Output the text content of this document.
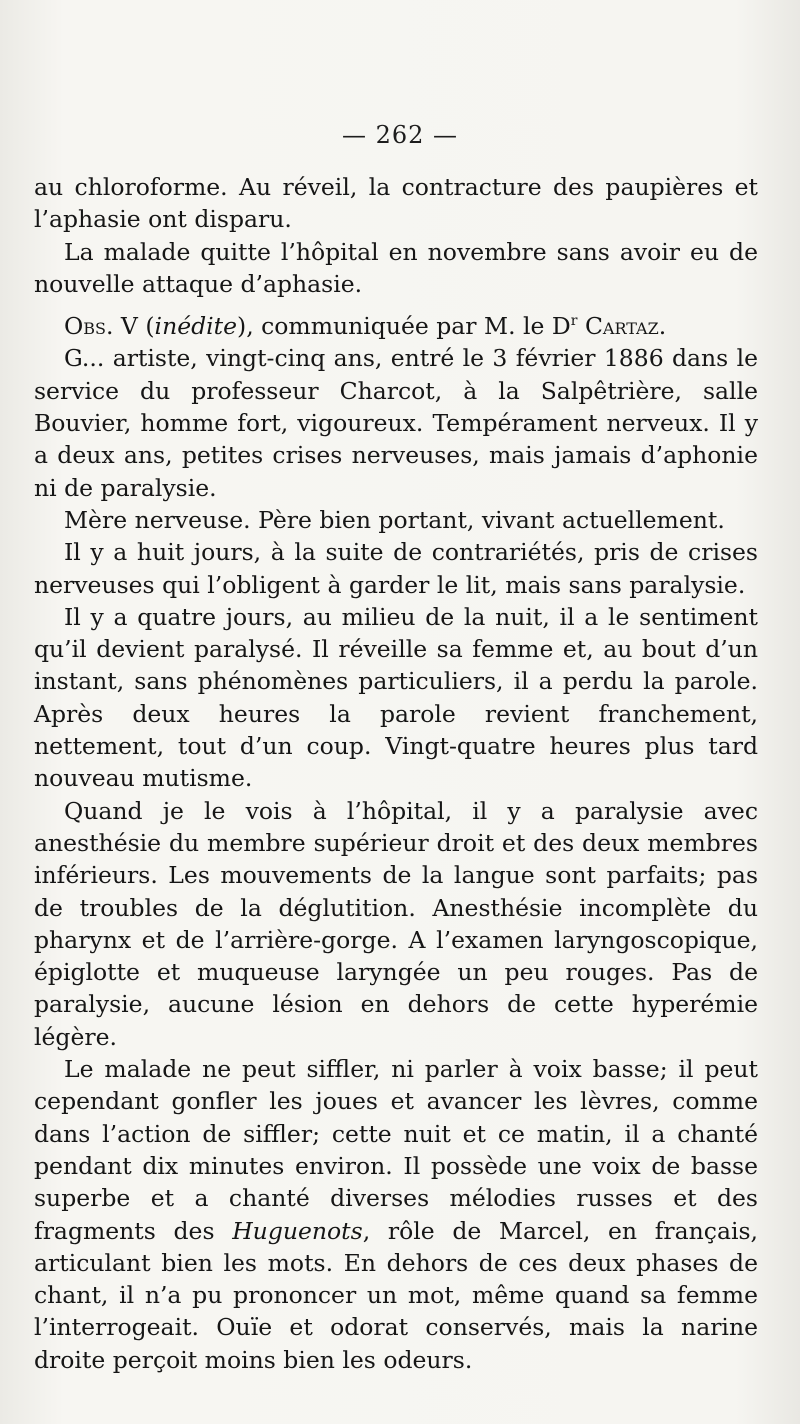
— 262 —

au chloroforme. Au réveil, la contracture des paupières et l’aphasie ont disparu.

La malade quitte l’hôpital en novembre sans avoir eu de nouvelle attaque d’aphasie.

Obs. V (inédite), communiquée par M. le $D^r$ Cartaz.

G... artiste, vingt-cinq ans, entré le 3 février 1886 dans le service du professeur Charcot, à la Salpêtrière, salle Bouvier, homme fort, vigoureux. Tempérament nerveux. Il y a deux ans, petites crises nerveuses, mais jamais d’aphonie ni de paralysie.

Mère nerveuse. Père bien portant, vivant actuellement.

Il y a huit jours, à la suite de contrariétés, pris de crises nerveuses qui l’obligent à garder le lit, mais sans paralysie.

Il y a quatre jours, au milieu de la nuit, il a le sentiment qu’il devient paralysé. Il réveille sa femme et, au bout d’un instant, sans phénomènes particuliers, il a perdu la parole. Après deux heures la parole revient franchement, nettement, tout d’un coup. Vingt-quatre heures plus tard nouveau mutisme.

Quand je le vois à l’hôpital, il y a paralysie avec anesthésie du membre supérieur droit et des deux membres inférieurs. Les mouvements de la langue sont parfaits; pas de troubles de la déglutition. Anesthésie incomplète du pharynx et de l’arrière-gorge. A l’examen laryngoscopique, épiglotte et muqueuse laryngée un peu rouges. Pas de paralysie, aucune lésion en dehors de cette hyperémie légère.

Le malade ne peut siffler, ni parler à voix basse; il peut cependant gonfler les joues et avancer les lèvres, comme dans l’action de siffler; cette nuit et ce matin, il a chanté pendant dix minutes environ. Il possède une voix de basse superbe et a chanté diverses mélodies russes et des fragments des Huguenots, rôle de Marcel, en français, articulant bien les mots. En dehors de ces deux phases de chant, il n’a pu prononcer un mot, même quand sa femme l’interrogeait. Ouïe et odorat conservés, mais la narine droite perçoit moins bien les odeurs.
